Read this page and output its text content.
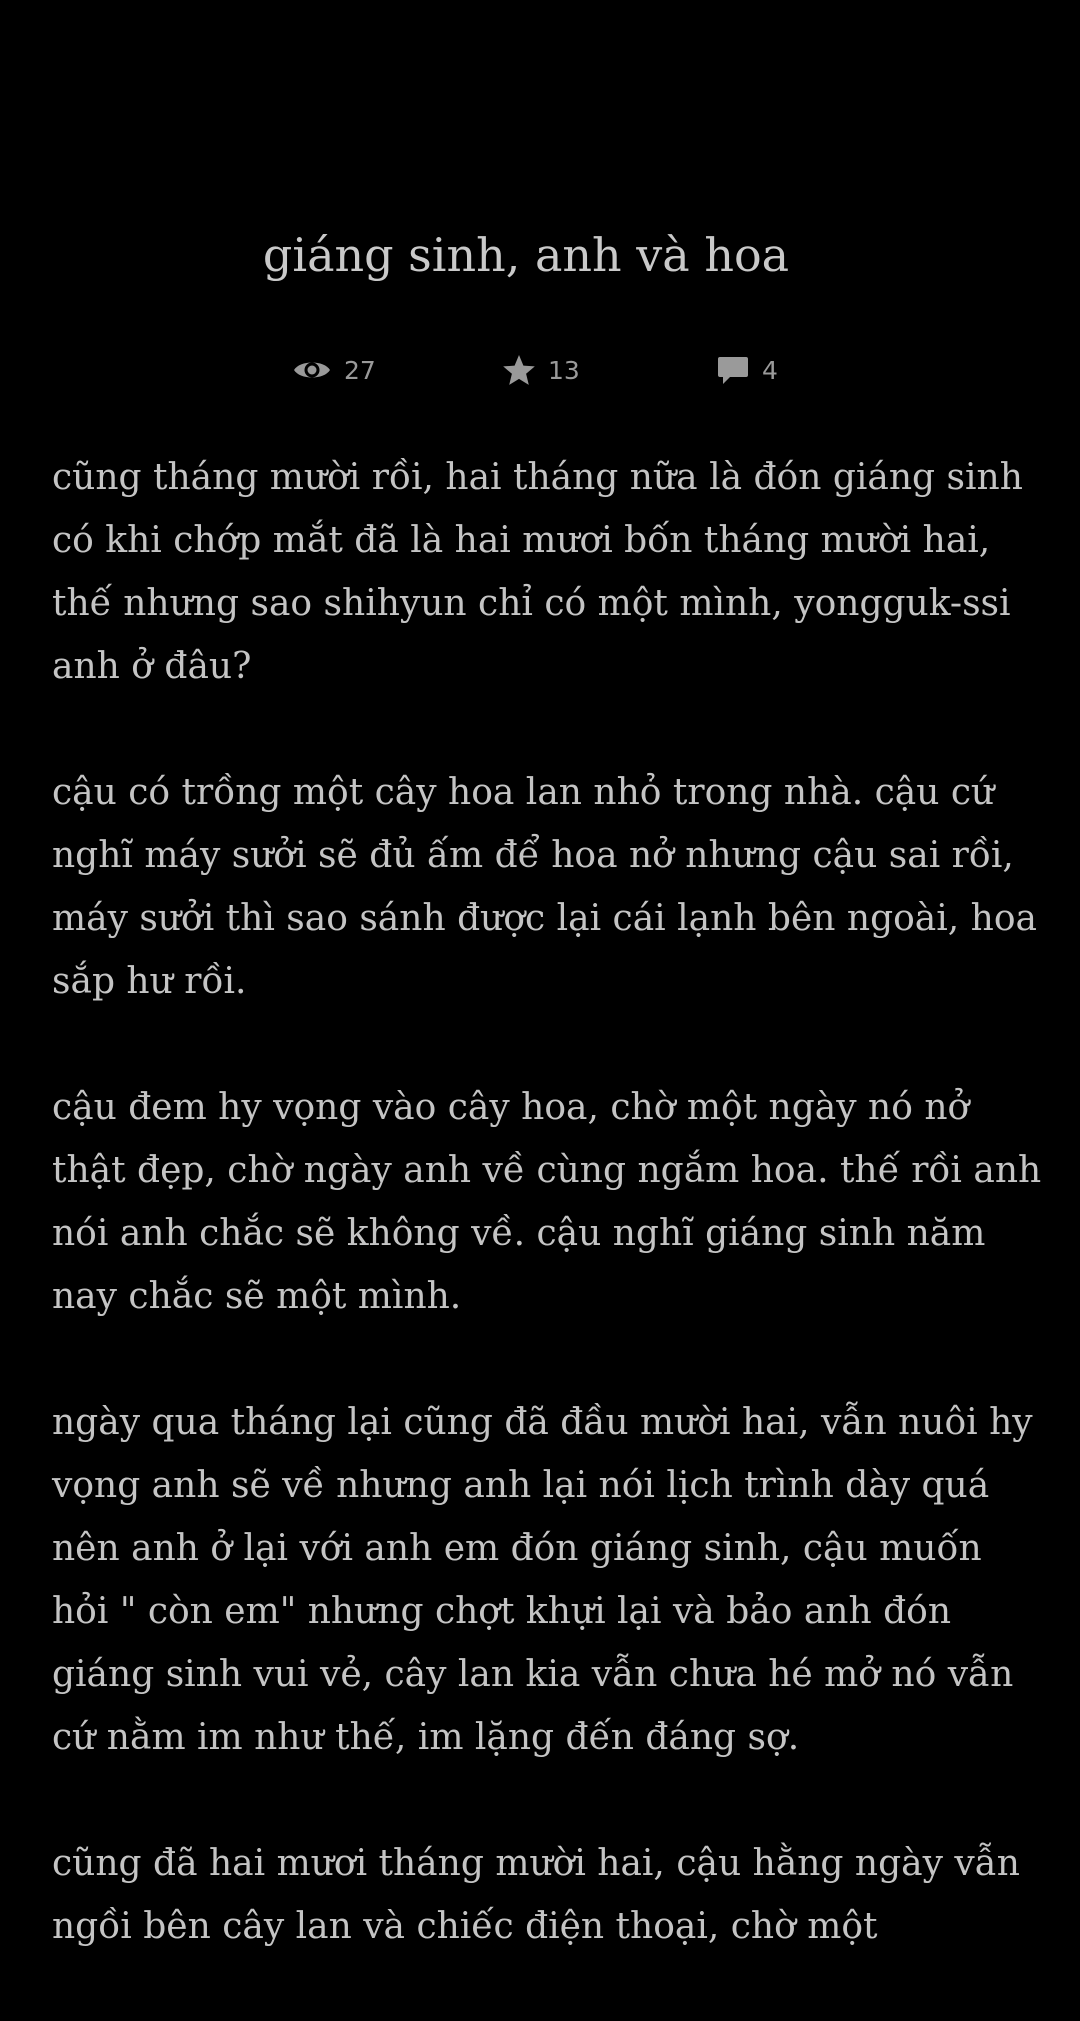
giáng sinh, anh và hoa
27	13	4

cũng tháng mười rồi, hai tháng nữa là đón giáng sinh có khi chớp mắt đã là hai mươi bốn tháng mười hai, thế nhưng sao shihyun chỉ có một mình, yongguk-ssi anh ở đâu?

cậu có trồng một cây hoa lan nhỏ trong nhà. cậu cứ nghĩ máy sưởi sẽ đủ ấm để hoa nở nhưng cậu sai rồi, máy sưởi thì sao sánh được lại cái lạnh bên ngoài, hoa sắp hư rồi.

cậu đem hy vọng vào cây hoa, chờ một ngày nó nở thật đẹp, chờ ngày anh về cùng ngắm hoa. thế rồi anh nói anh chắc sẽ không về. cậu nghĩ giáng sinh năm nay chắc sẽ một mình.

ngày qua tháng lại cũng đã đầu mười hai, vẫn nuôi hy vọng anh sẽ về nhưng anh lại nói lịch trình dày quá nên anh ở lại với anh em đón giáng sinh, cậu muốn hỏi " còn em" nhưng chợt khựi lại và bảo anh đón giáng sinh vui vẻ, cây lan kia vẫn chưa hé mở nó vẫn cứ nằm im như thế, im lặng đến đáng sợ.

cũng đã hai mươi tháng mười hai, cậu hằng ngày vẫn ngồi bên cây lan và chiếc điện thoại, chờ một
